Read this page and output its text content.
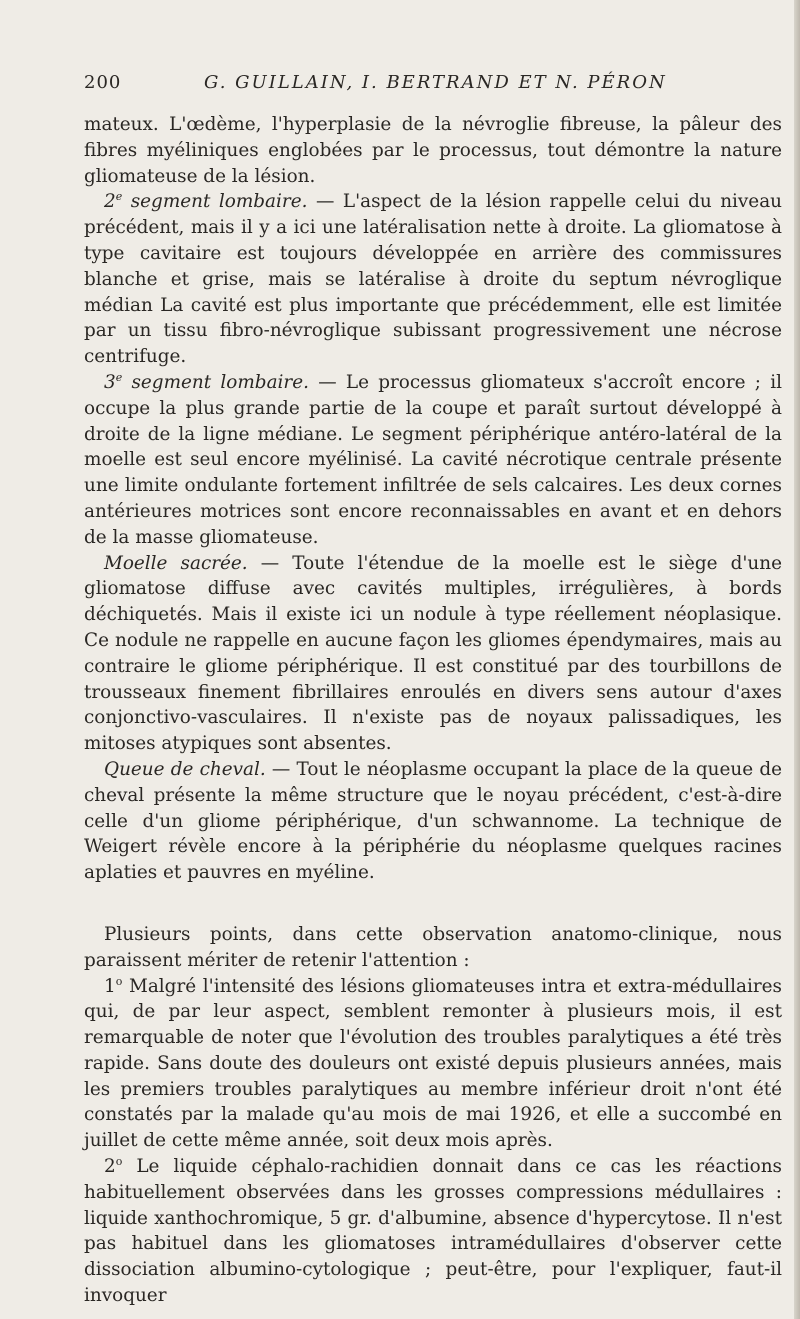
200	G. GUILLAIN, I. BERTRAND ET N. PÉRON

mateux. L'œdème, l'hyperplasie de la névroglie fibreuse, la pâleur des fibres myéliniques englobées par le processus, tout démontre la nature gliomateuse de la lésion.

2e segment lombaire. — L'aspect de la lésion rappelle celui du niveau précédent, mais il y a ici une latéralisation nette à droite. La gliomatose à type cavitaire est toujours développée en arrière des commissures blanche et grise, mais se latéralise à droite du septum névroglique médian La cavité est plus importante que précédemment, elle est limitée par un tissu fibro-névroglique subissant progressivement une nécrose centrifuge.

3e segment lombaire. — Le processus gliomateux s'accroît encore ; il occupe la plus grande partie de la coupe et paraît surtout développé à droite de la ligne médiane. Le segment périphérique antéro-latéral de la moelle est seul encore myélinisé. La cavité nécrotique centrale présente une limite ondulante fortement infiltrée de sels calcaires. Les deux cornes antérieures motrices sont encore reconnaissables en avant et en dehors de la masse gliomateuse.

Moelle sacrée. — Toute l'étendue de la moelle est le siège d'une gliomatose diffuse avec cavités multiples, irrégulières, à bords déchiquetés. Mais il existe ici un nodule à type réellement néoplasique. Ce nodule ne rappelle en aucune façon les gliomes épendymaires, mais au contraire le gliome périphérique. Il est constitué par des tourbillons de trousseaux finement fibrillaires enroulés en divers sens autour d'axes conjonctivo-vasculaires. Il n'existe pas de noyaux palissadiques, les mitoses atypiques sont absentes.

Queue de cheval. — Tout le néoplasme occupant la place de la queue de cheval présente la même structure que le noyau précédent, c'est-à-dire celle d'un gliome périphérique, d'un schwannome. La technique de Weigert révèle encore à la périphérie du néoplasme quelques racines aplaties et pauvres en myéline.

Plusieurs points, dans cette observation anatomo-clinique, nous paraissent mériter de retenir l'attention :

1$^o$ Malgré l'intensité des lésions gliomateuses intra et extra-médullaires qui, de par leur aspect, semblent remonter à plusieurs mois, il est remarquable de noter que l'évolution des troubles paralytiques a été très rapide. Sans doute des douleurs ont existé depuis plusieurs années, mais les premiers troubles paralytiques au membre inférieur droit n'ont été constatés par la malade qu'au mois de mai 1926, et elle a succombé en juillet de cette même année, soit deux mois après.

2$^o$ Le liquide céphalo-rachidien donnait dans ce cas les réactions habituellement observées dans les grosses compressions médullaires : liquide xanthochromique, 5 gr. d'albumine, absence d'hypercytose. Il n'est pas habituel dans les gliomatoses intramédullaires d'observer cette dissociation albumino-cytologique ; peut-être, pour l'expliquer, faut-il invoquer
